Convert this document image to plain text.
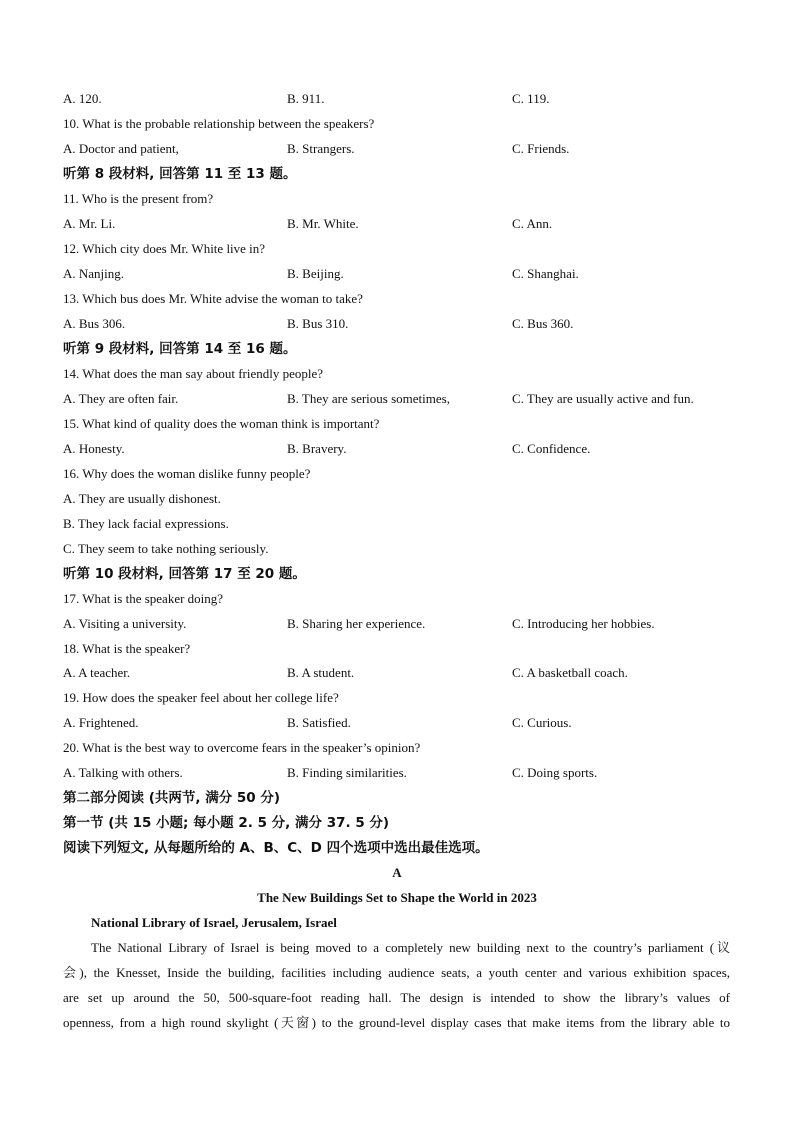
A. 120.	B. 911.	C. 119.
10. What is the probable relationship between the speakers?
A. Doctor and patient,	B. Strangers.	C. Friends.
听第 8 段材料, 回答第 11 至 13 题。
11. Who is the present from?
A. Mr. Li.	B. Mr. White.	C. Ann.
12. Which city does Mr. White live in?
A. Nanjing.	B. Beijing.	C. Shanghai.
13. Which bus does Mr. White advise the woman to take?
A. Bus 306.	B. Bus 310.	C. Bus 360.
听第 9 段材料, 回答第 14 至 16 题。
14. What does the man say about friendly people?
A. They are often fair.	B. They are serious sometimes,	C. They are usually active and fun.
15. What kind of quality does the woman think is important?
A. Honesty.	B. Bravery.	C. Confidence.
16. Why does the woman dislike funny people?
A. They are usually dishonest.
B. They lack facial expressions.
C. They seem to take nothing seriously.
听第 10 段材料, 回答第 17 至 20 题。
17. What is the speaker doing?
A. Visiting a university.	B. Sharing her experience.	C. Introducing her hobbies.
18. What is the speaker?
A. A teacher.	B. A student.	C. A basketball coach.
19. How does the speaker feel about her college life?
A. Frightened.	B. Satisfied.	C. Curious.
20. What is the best way to overcome fears in the speaker’s opinion?
A. Talking with others.	B. Finding similarities.	C. Doing sports.
第二部分阅读 (共两节, 满分 50 分)
第一节 (共 15 小题; 每小题 2. 5 分, 满分 37. 5 分)
阅读下列短文, 从每题所给的 A、B、C、D 四个选项中选出最佳选项。
A
The New Buildings Set to Shape the World in 2023
National Library of Israel, Jerusalem, Israel
The National Library of Israel is being moved to a completely new building next to the country’s parliament (议
会), the Knesset, Inside the building, facilities including audience seats, a youth center and various exhibition spaces,
are set up around the 50, 500-square-foot reading hall. The design is intended to show the library’s values of
openness, from a high round skylight (天窗) to the ground-level display cases that make items from the library able to
